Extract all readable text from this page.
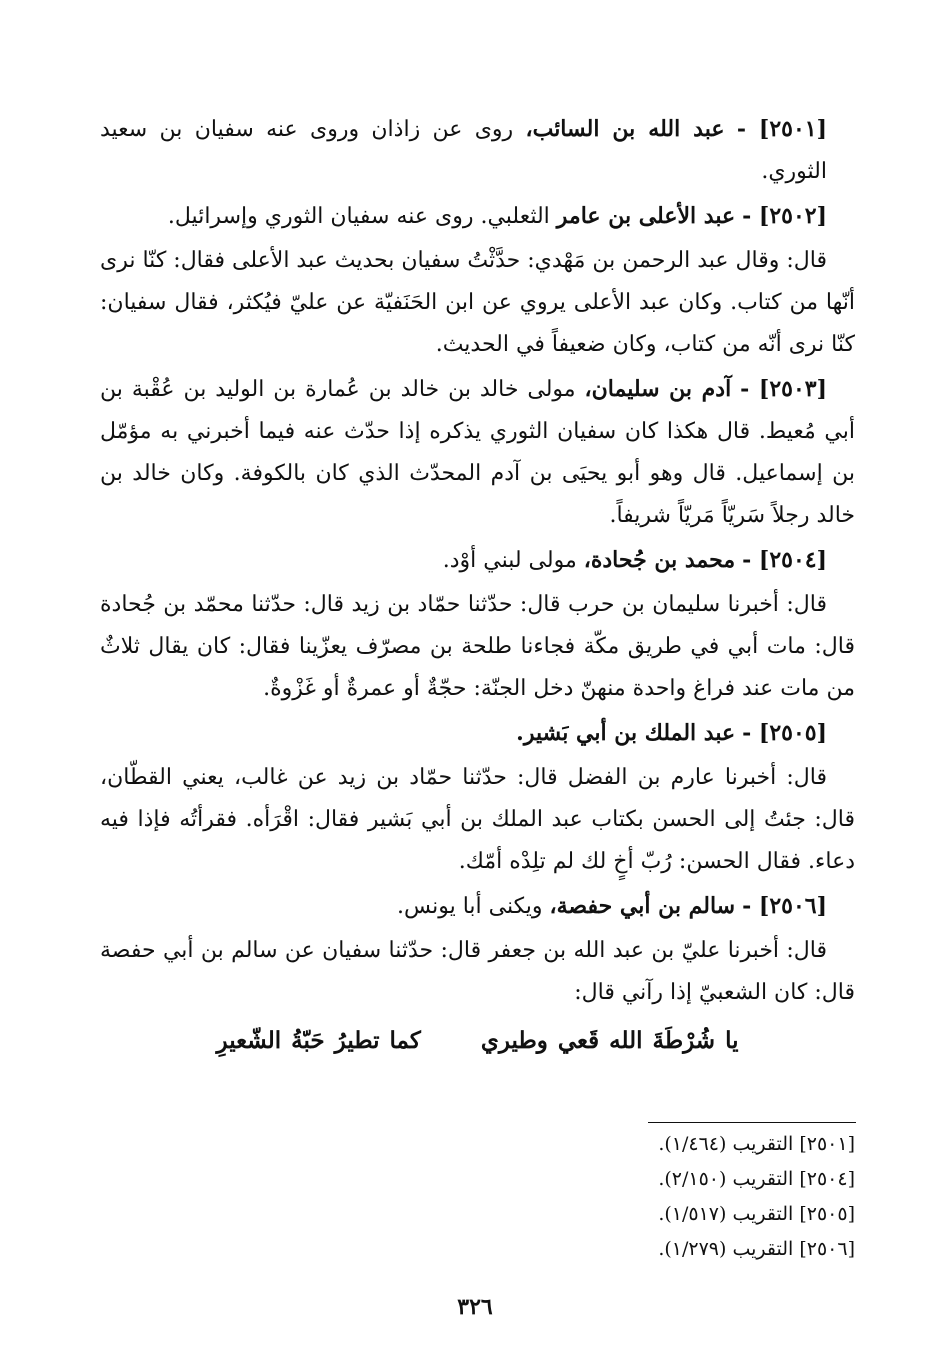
[٢٥٠١] - عبد الله بن السائب، روى عن زاذان وروى عنه سفيان بن سعيد الثوري.

[٢٥٠٢] - عبد الأعلى بن عامر الثعلبي. روى عنه سفيان الثوري وإسرائيل.

قال: وقال عبد الرحمن بن مَهْدي: حدَّثْتُ سفيان بحديث عبد الأعلى فقال: كنّا نرى أنّها من كتاب. وكان عبد الأعلى يروي عن ابن الحَنَفيّة عن عليّ فيُكثر، فقال سفيان: كنّا نرى أنّه من كتاب، وكان ضعيفاً في الحديث.

[٢٥٠٣] - آدم بن سليمان، مولى خالد بن خالد بن عُمارة بن الوليد بن عُقْبة بن أبي مُعيط. قال هكذا كان سفيان الثوري يذكره إذا حدّث عنه فيما أخبرني به مؤمّل بن إسماعيل. قال وهو أبو يحيَى بن آدم المحدّث الذي كان بالكوفة. وكان خالد بن خالد رجلاً سَريّاً مَريّاً شريفاً.

[٢٥٠٤] - محمد بن جُحادة، مولى لبني أوْد.

قال: أخبرنا سليمان بن حرب قال: حدّثنا حمّاد بن زيد قال: حدّثنا محمّد بن جُحادة قال: مات أبي في طريق مكّة فجاءنا طلحة بن مصرّف يعزّينا فقال: كان يقال ثلاثٌ من مات عند فراغ واحدة منهنّ دخل الجنّة: حجّةٌ أو عمرةٌ أو غَزْوةٌ.

[٢٥٠٥] - عبد الملك بن أبي بَشير.

قال: أخبرنا عارم بن الفضل قال: حدّثنا حمّاد بن زيد عن غالب، يعني القطّان، قال: جئتُ إلى الحسن بكتاب عبد الملك بن أبي بَشير فقال: اقْرَأه. فقرأتُه فإذا فيه دعاء. فقال الحسن: رُبّ أخٍ لك لم تلِدْه أمّك.

[٢٥٠٦] - سالم بن أبي حفصة، ويكنى أبا يونس.

قال: أخبرنا عليّ بن عبد الله بن جعفر قال: حدّثنا سفيان عن سالم بن أبي حفصة قال: كان الشعبيّ إذا رآني قال:

يا شُرْطَةَ الله قَعي وطيريكما تطيرُ حَبّةُ الشّعيرِ

[٢٥٠١] التقريب (١/٤٦٤).

[٢٥٠٤] التقريب (٢/١٥٠).

[٢٥٠٥] التقريب (١/٥١٧).

[٢٥٠٦] التقريب (١/٢٧٩).

٣٢٦
